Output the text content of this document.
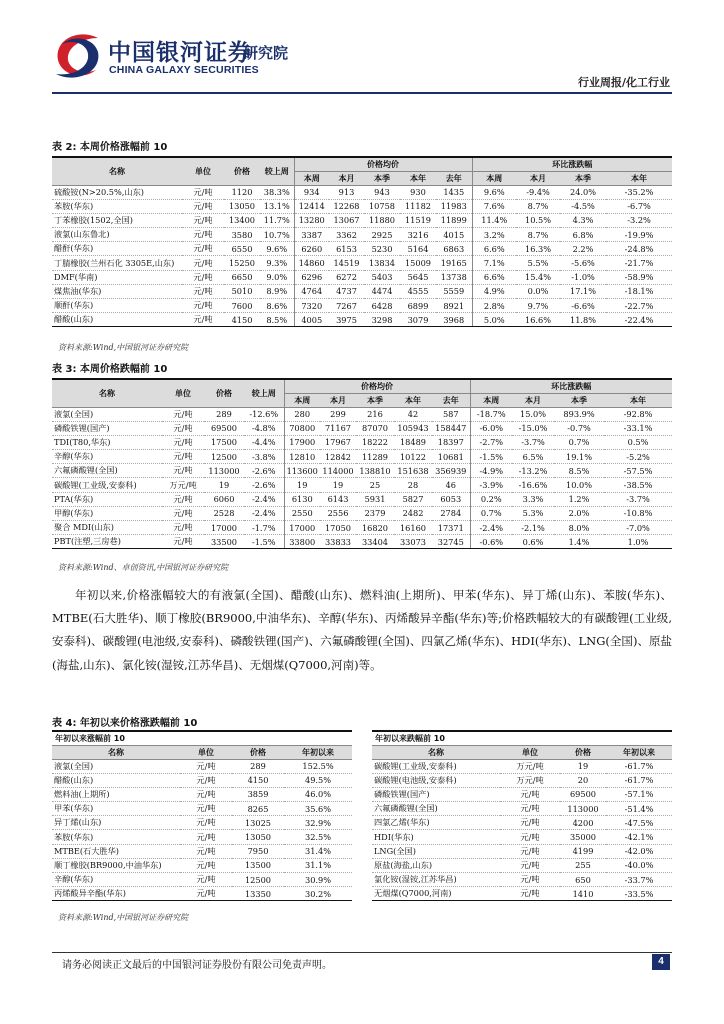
中国银河证券
CHINA GALAXY SECURITIES
研究院
行业周报/化工行业
表 2: 本周价格涨幅前 10
名称	单位	价格	较上周	价格均价					环比涨跌幅			
				本周	本月	本季	本年	去年	本周	本月	本季	本年
硫酸铵(N>20.5%,山东)	元/吨	1120	38.3%	934	913	943	930	1435	9.6%	-9.4%	24.0%	-35.2%
苯胺(华东)	元/吨	13050	13.1%	12414	12268	10758	11182	11983	7.6%	8.7%	-4.5%	-6.7%
丁苯橡胶(1502,全国)	元/吨	13400	11.7%	13280	13067	11880	11519	11899	11.4%	10.5%	4.3%	-3.2%
液氯(山东鲁北)	元/吨	3580	10.7%	3387	3362	2925	3216	4015	3.2%	8.7%	6.8%	-19.9%
醋酐(华东)	元/吨	6550	9.6%	6260	6153	5230	5164	6863	6.6%	16.3%	2.2%	-24.8%
丁腈橡胶(兰州石化 3305E,山东)	元/吨	15250	9.3%	14860	14519	13834	15009	19165	7.1%	5.5%	-5.6%	-21.7%
DMF(华南)	元/吨	6650	9.0%	6296	6272	5403	5645	13738	6.6%	15.4%	-1.0%	-58.9%
煤焦油(华东)	元/吨	5010	8.9%	4764	4737	4474	4555	5559	4.9%	0.0%	17.1%	-18.1%
顺酐(华东)	元/吨	7600	8.6%	7320	7267	6428	6899	8921	2.8%	9.7%	-6.6%	-22.7%
醋酸(山东)	元/吨	4150	8.5%	4005	3975	3298	3079	3968	5.0%	16.6%	11.8%	-22.4%
资料来源:Wind,中国银河证券研究院
表 3: 本周价格跌幅前 10
名称	单位	价格	较上周	价格均价					环比涨跌幅			
				本周	本月	本季	本年	去年	本周	本月	本季	本年
液氯(全国)	元/吨	289	-12.6%	280	299	216	42	587	-18.7%	15.0%	893.9%	-92.8%
磷酸铁锂(国产)	元/吨	69500	-4.8%	70800	71167	87070	105943	158447	-6.0%	-15.0%	-0.7%	-33.1%
TDI(T80,华东)	元/吨	17500	-4.4%	17900	17967	18222	18489	18397	-2.7%	-3.7%	0.7%	0.5%
辛醇(华东)	元/吨	12500	-3.8%	12810	12842	11289	10122	10681	-1.5%	6.5%	19.1%	-5.2%
六氟磷酸锂(全国)	元/吨	113000	-2.6%	113600	114000	138810	151638	356939	-4.9%	-13.2%	8.5%	-57.5%
碳酸锂(工业级,安泰科)	万元/吨	19	-2.6%	19	19	25	28	46	-3.9%	-16.6%	10.0%	-38.5%
PTA(华东)	元/吨	6060	-2.4%	6130	6143	5931	5827	6053	0.2%	3.3%	1.2%	-3.7%
甲醇(华东)	元/吨	2528	-2.4%	2550	2556	2379	2482	2784	0.7%	5.3%	2.0%	-10.8%
聚合 MDI(山东)	元/吨	17000	-1.7%	17000	17050	16820	16160	17371	-2.4%	-2.1%	8.0%	-7.0%
PBT(注塑,三房巷)	元/吨	33500	-1.5%	33800	33833	33404	33073	32745	-0.6%	0.6%	1.4%	1.0%
资料来源:Wind、卓创资讯,中国银河证券研究院

年初以来,价格涨幅较大的有液氯(全国)、醋酸(山东)、燃料油(上期所)、甲苯(华东)、异丁烯(山东)、苯胺(华东)、MTBE(石大胜华)、顺丁橡胶(BR9000,中油华东)、辛醇(华东)、丙烯酸异辛酯(华东)等;价格跌幅较大的有碳酸锂(工业级,安泰科)、碳酸锂(电池级,安泰科)、磷酸铁锂(国产)、六氟磷酸锂(全国)、四氯乙烯(华东)、HDI(华东)、LNG(全国)、原盐(海盐,山东)、氯化铵(湿铵,江苏华昌)、无烟煤(Q7000,河南)等。

表 4: 年初以来价格涨跌幅前 10
年初以来涨幅前 10			
名称	单位	价格	年初以来
液氯(全国)	元/吨	289	152.5%
醋酸(山东)	元/吨	4150	49.5%
燃料油(上期所)	元/吨	3859	46.0%
甲苯(华东)	元/吨	8265	35.6%
异丁烯(山东)	元/吨	13025	32.9%
苯胺(华东)	元/吨	13050	32.5%
MTBE(石大胜华)	元/吨	7950	31.4%
顺丁橡胶(BR9000,中油华东)	元/吨	13500	31.1%
辛醇(华东)	元/吨	12500	30.9%
丙烯酸异辛酯(华东)	元/吨	13350	30.2%
年初以来跌幅前 10			
名称	单位	价格	年初以来
碳酸锂(工业级,安泰科)	万元/吨	19	-61.7%
碳酸锂(电池级,安泰科)	万元/吨	20	-61.7%
磷酸铁锂(国产)	元/吨	69500	-57.1%
六氟磷酸锂(全国)	元/吨	113000	-51.4%
四氯乙烯(华东)	元/吨	4200	-47.5%
HDI(华东)	元/吨	35000	-42.1%
LNG(全国)	元/吨	4199	-42.0%
原盐(海盐,山东)	元/吨	255	-40.0%
氯化铵(湿铵,江苏华昌)	元/吨	650	-33.7%
无烟煤(Q7000,河南)	元/吨	1410	-33.5%
资料来源:Wind,中国银河证券研究院
请务必阅读正文最后的中国银河证券股份有限公司免责声明。	4
